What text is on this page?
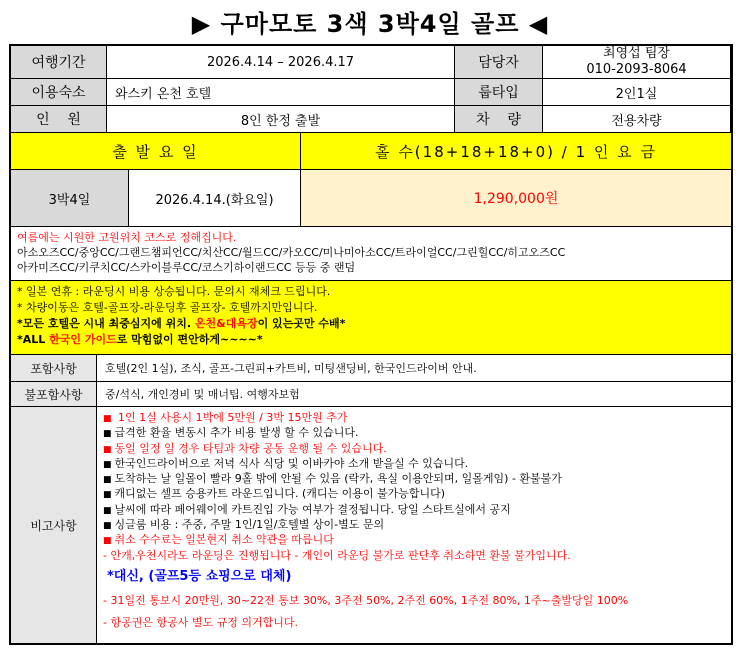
▶ 구마모토 3색 3박4일 골프 ◀
여행기간	2026.4.14 – 2026.4.17	담당자
최영섭 팀장
010-2093-8064
이용숙소	와스키 온천 호텔	룹타입	2인1실
인    원	8인 한정 출발	차    량	전용차량
출 발 요 일	홀 수(18+18+18+0) / 1 인 요 금
3박4일	2026.4.14.(화요일)	1,290,000원
여름에는 시원한 고원위치 코스로 정해집니다.
아소오즈CC/중앙CC/그랜드챔피언CC/치산CC/월드CC/카오CC/미나미아소CC/트라이얼CC/그린힐CC/히고오즈CC
아카미즈CC/키쿠치CC/스카이블루CC/코스기하이랜드CC 등등 중 랜덤
* 일본 연휴 : 라운딩시 비용 상승됩니다. 문의시 재체크 드립니다.
* 차량이동은 호텔-골프장-라운딩후 골프장- 호텔까지만입니다.
*모든 호텔은 시내 최중심지에 위치. 온천&대욕장이 있는곳만 수배*
*ALL 한국인 가이드로 막힘없이 편안하게~~~~*
포함사항	호텔(2인 1실), 조식, 골프-그린피+카트비, 미팅샌딩비, 한국인드라이버 안내.
불포함사항	중/석식, 개인경비 및 매너팁. 여행자보험
비고사항
■ 1인 1실 사용시 1박에 5만원 / 3박 15만원 추가
■ 급격한 환율 변동시 추가 비용 발생 할 수 있습니다.
■ 동일 일정 일 경우 타팀과 차량 공동 운행 될 수 있습니다.
■ 한국인드라이버으로 저녁 식사 식당 및 이바카야 소개 받을실 수 있습니다.
■ 도착하는 날 일몰이 빨라 9홀 밖에 안될 수 있음 (락카, 욕실 이용안되며, 일몰게임) - 환불불가
■ 캐디없는 셀프 승용카트 라운드입니다. (캐디는 이용이 불가능합니다)
■ 날씨에 따라 페어웨이에 카트진입 가능 여부가 결정됩니다. 당일 스타트실에서 공지
■ 싱글룸 비용 : 주중, 주말 1인/1일/호텔별 상이-별도 문의
■ 취소 수수료는 일본현지 취소 약관을 따릅니다
- 안개,우천시라도 라운딩은 진행됩니다 - 개인이 라운딩 불가로 판단후 취소하면 환불 불가입니다.
*대신, (골프5등 쇼핑으로 대체)
- 31일전 통보시 20만원, 30~22전 통보 30%, 3주전 50%, 2주전 60%, 1주전 80%, 1주~출발당일 100%
- 항공권은 항공사 별도 규정 의거합니다.
